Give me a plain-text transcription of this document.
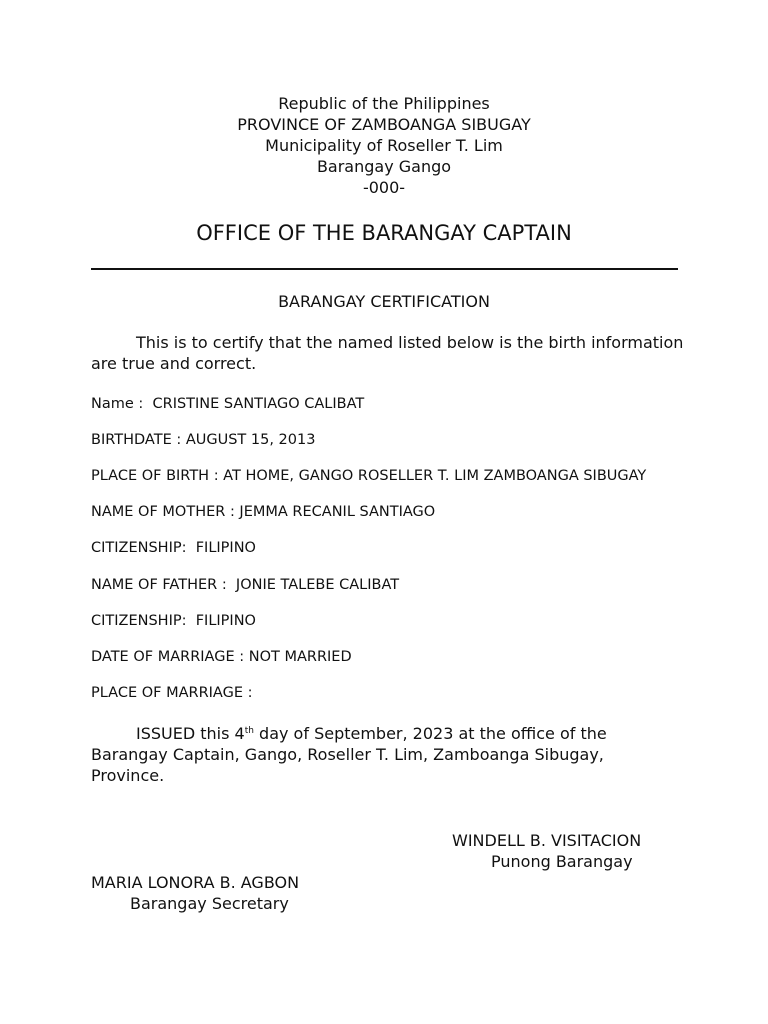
Republic of the Philippines
PROVINCE OF ZAMBOANGA SIBUGAY
Municipality of Roseller T. Lim
Barangay Gango
-000-
OFFICE OF THE BARANGAY CAPTAIN
BARANGAY CERTIFICATION
This is to certify that the named listed below is the birth information are true and correct.
Name :  CRISTINE SANTIAGO CALIBAT
BIRTHDATE : AUGUST 15, 2013
PLACE OF BIRTH : AT HOME, GANGO ROSELLER T. LIM ZAMBOANGA SIBUGAY
NAME OF MOTHER : JEMMA RECANIL SANTIAGO
CITIZENSHIP:  FILIPINO
NAME OF FATHER :  JONIE TALEBE CALIBAT
CITIZENSHIP:  FILIPINO
DATE OF MARRIAGE : NOT MARRIED
PLACE OF MARRIAGE :
ISSUED this 4th day of September, 2023 at the office of the Barangay Captain, Gango, Roseller T. Lim, Zamboanga Sibugay, Province.
WINDELL B. VISITACION
Punong Barangay
MARIA LONORA B. AGBON
Barangay Secretary
